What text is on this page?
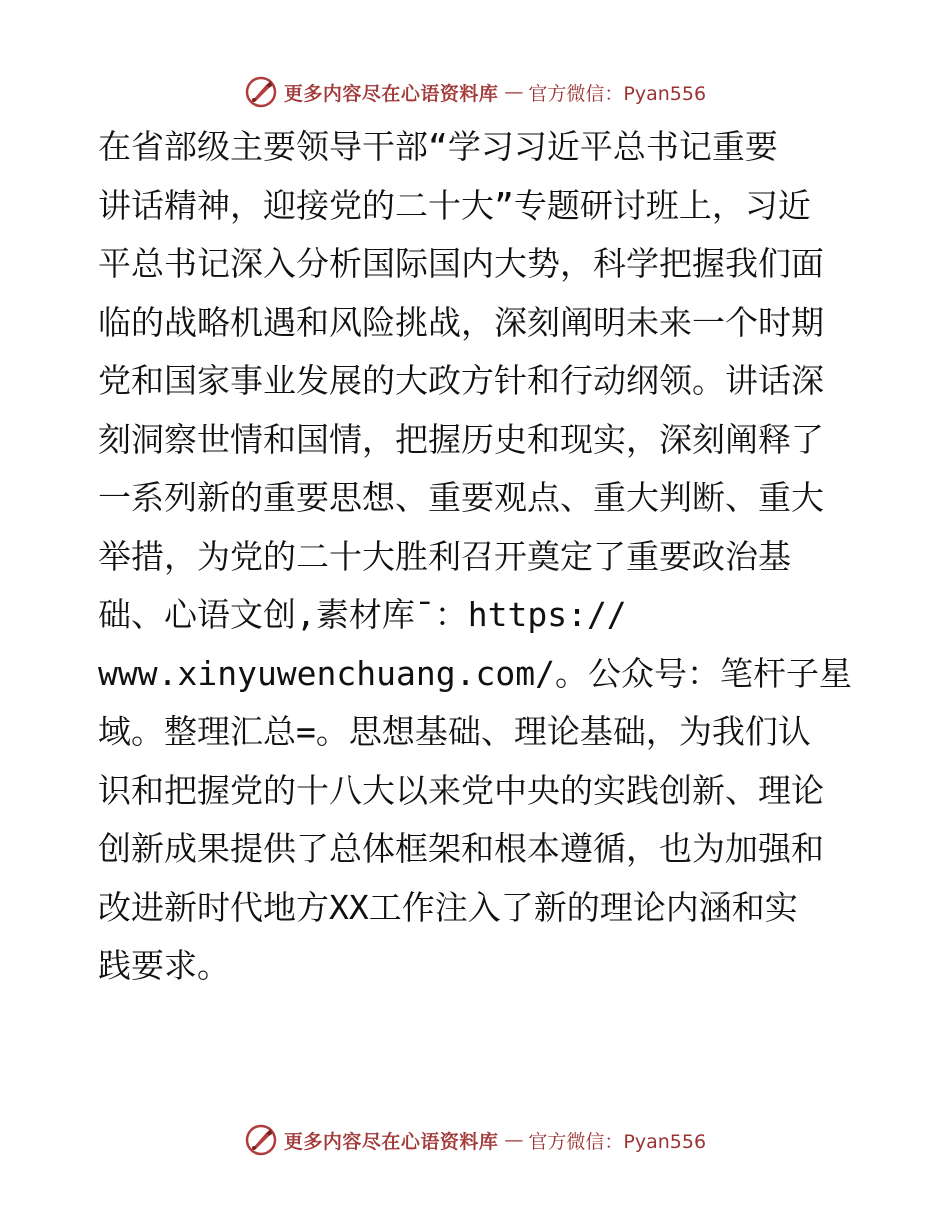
更多内容尽在心语资料库 — 官方微信：Pyan556
在省部级主要领导干部“学习习近平总书记重要
讲话精神，迎接党的二十大”专题研讨班上，习近
平总书记深入分析国际国内大势，科学把握我们面
临的战略机遇和风险挑战，深刻阐明未来一个时期
党和国家事业发展的大政方针和行动纲领。讲话深
刻洞察世情和国情，把握历史和现实，深刻阐释了
一系列新的重要思想、重要观点、重大判断、重大
举措，为党的二十大胜利召开奠定了重要政治基
础、心语文创,素材库¯：https://
www.xinyuwenchuang.com/。公众号：笔杆子星
域。整理汇总=。思想基础、理论基础，为我们认
识和把握党的十八大以来党中央的实践创新、理论
创新成果提供了总体框架和根本遵循，也为加强和
改进新时代地方XX工作注入了新的理论内涵和实
践要求。
更多内容尽在心语资料库 — 官方微信：Pyan556
